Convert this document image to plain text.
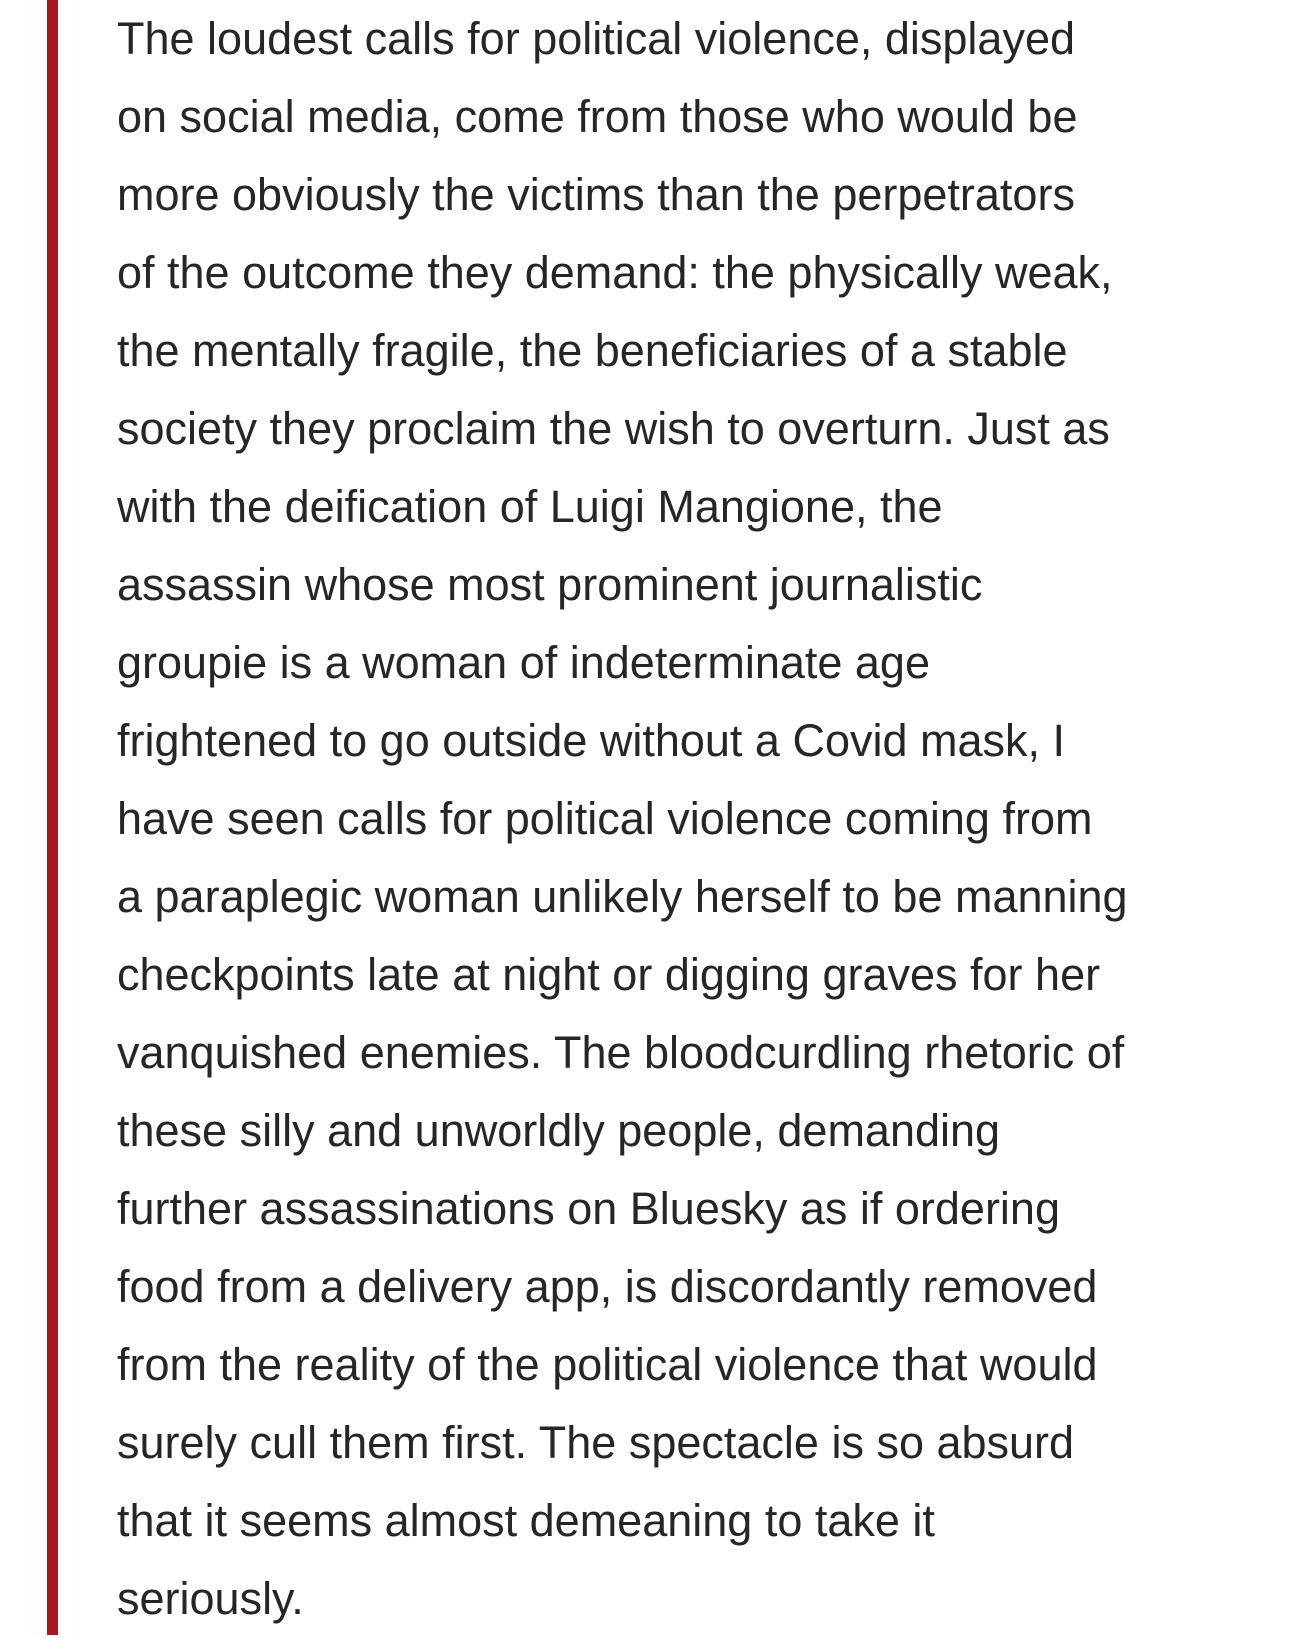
The loudest calls for political violence, displayed
on social media, come from those who would be
more obviously the victims than the perpetrators
of the outcome they demand: the physically weak,
the mentally fragile, the beneficiaries of a stable
society they proclaim the wish to overturn. Just as
with the deification of Luigi Mangione, the
assassin whose most prominent journalistic
groupie is a woman of indeterminate age
frightened to go outside without a Covid mask, I
have seen calls for political violence coming from
a paraplegic woman unlikely herself to be manning
checkpoints late at night or digging graves for her
vanquished enemies. The bloodcurdling rhetoric of
these silly and unworldly people, demanding
further assassinations on Bluesky as if ordering
food from a delivery app, is discordantly removed
from the reality of the political violence that would
surely cull them first. The spectacle is so absurd
that it seems almost demeaning to take it
seriously.
